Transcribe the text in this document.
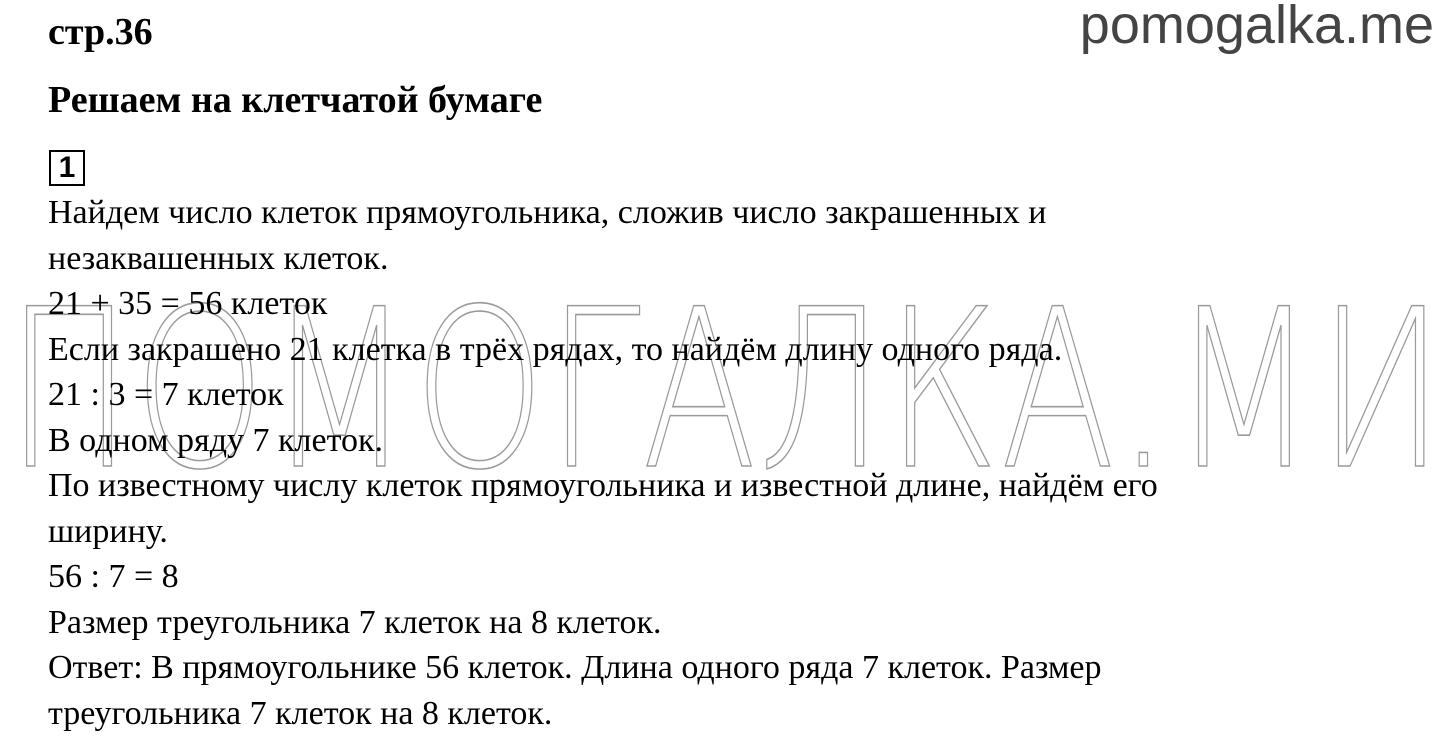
ПОМОГАЛКА.МИ
стр.36	pomogalka.me
Решаем на клетчатой бумаге
1
Найдем число клеток прямоугольника, сложив число закрашенных и
незаквашенных клеток.
21 + 35 = 56 клеток
Если закрашено 21 клетка в трёх рядах, то найдём длину одного ряда.
21 : 3 = 7 клеток
В одном ряду 7 клеток.
По известному числу клеток прямоугольника и известной длине, найдём его
ширину.
56 : 7 = 8
Размер треугольника 7 клеток на 8 клеток.
Ответ: В прямоугольнике 56 клеток. Длина одного ряда 7 клеток. Размер
треугольника 7 клеток на 8 клеток.
